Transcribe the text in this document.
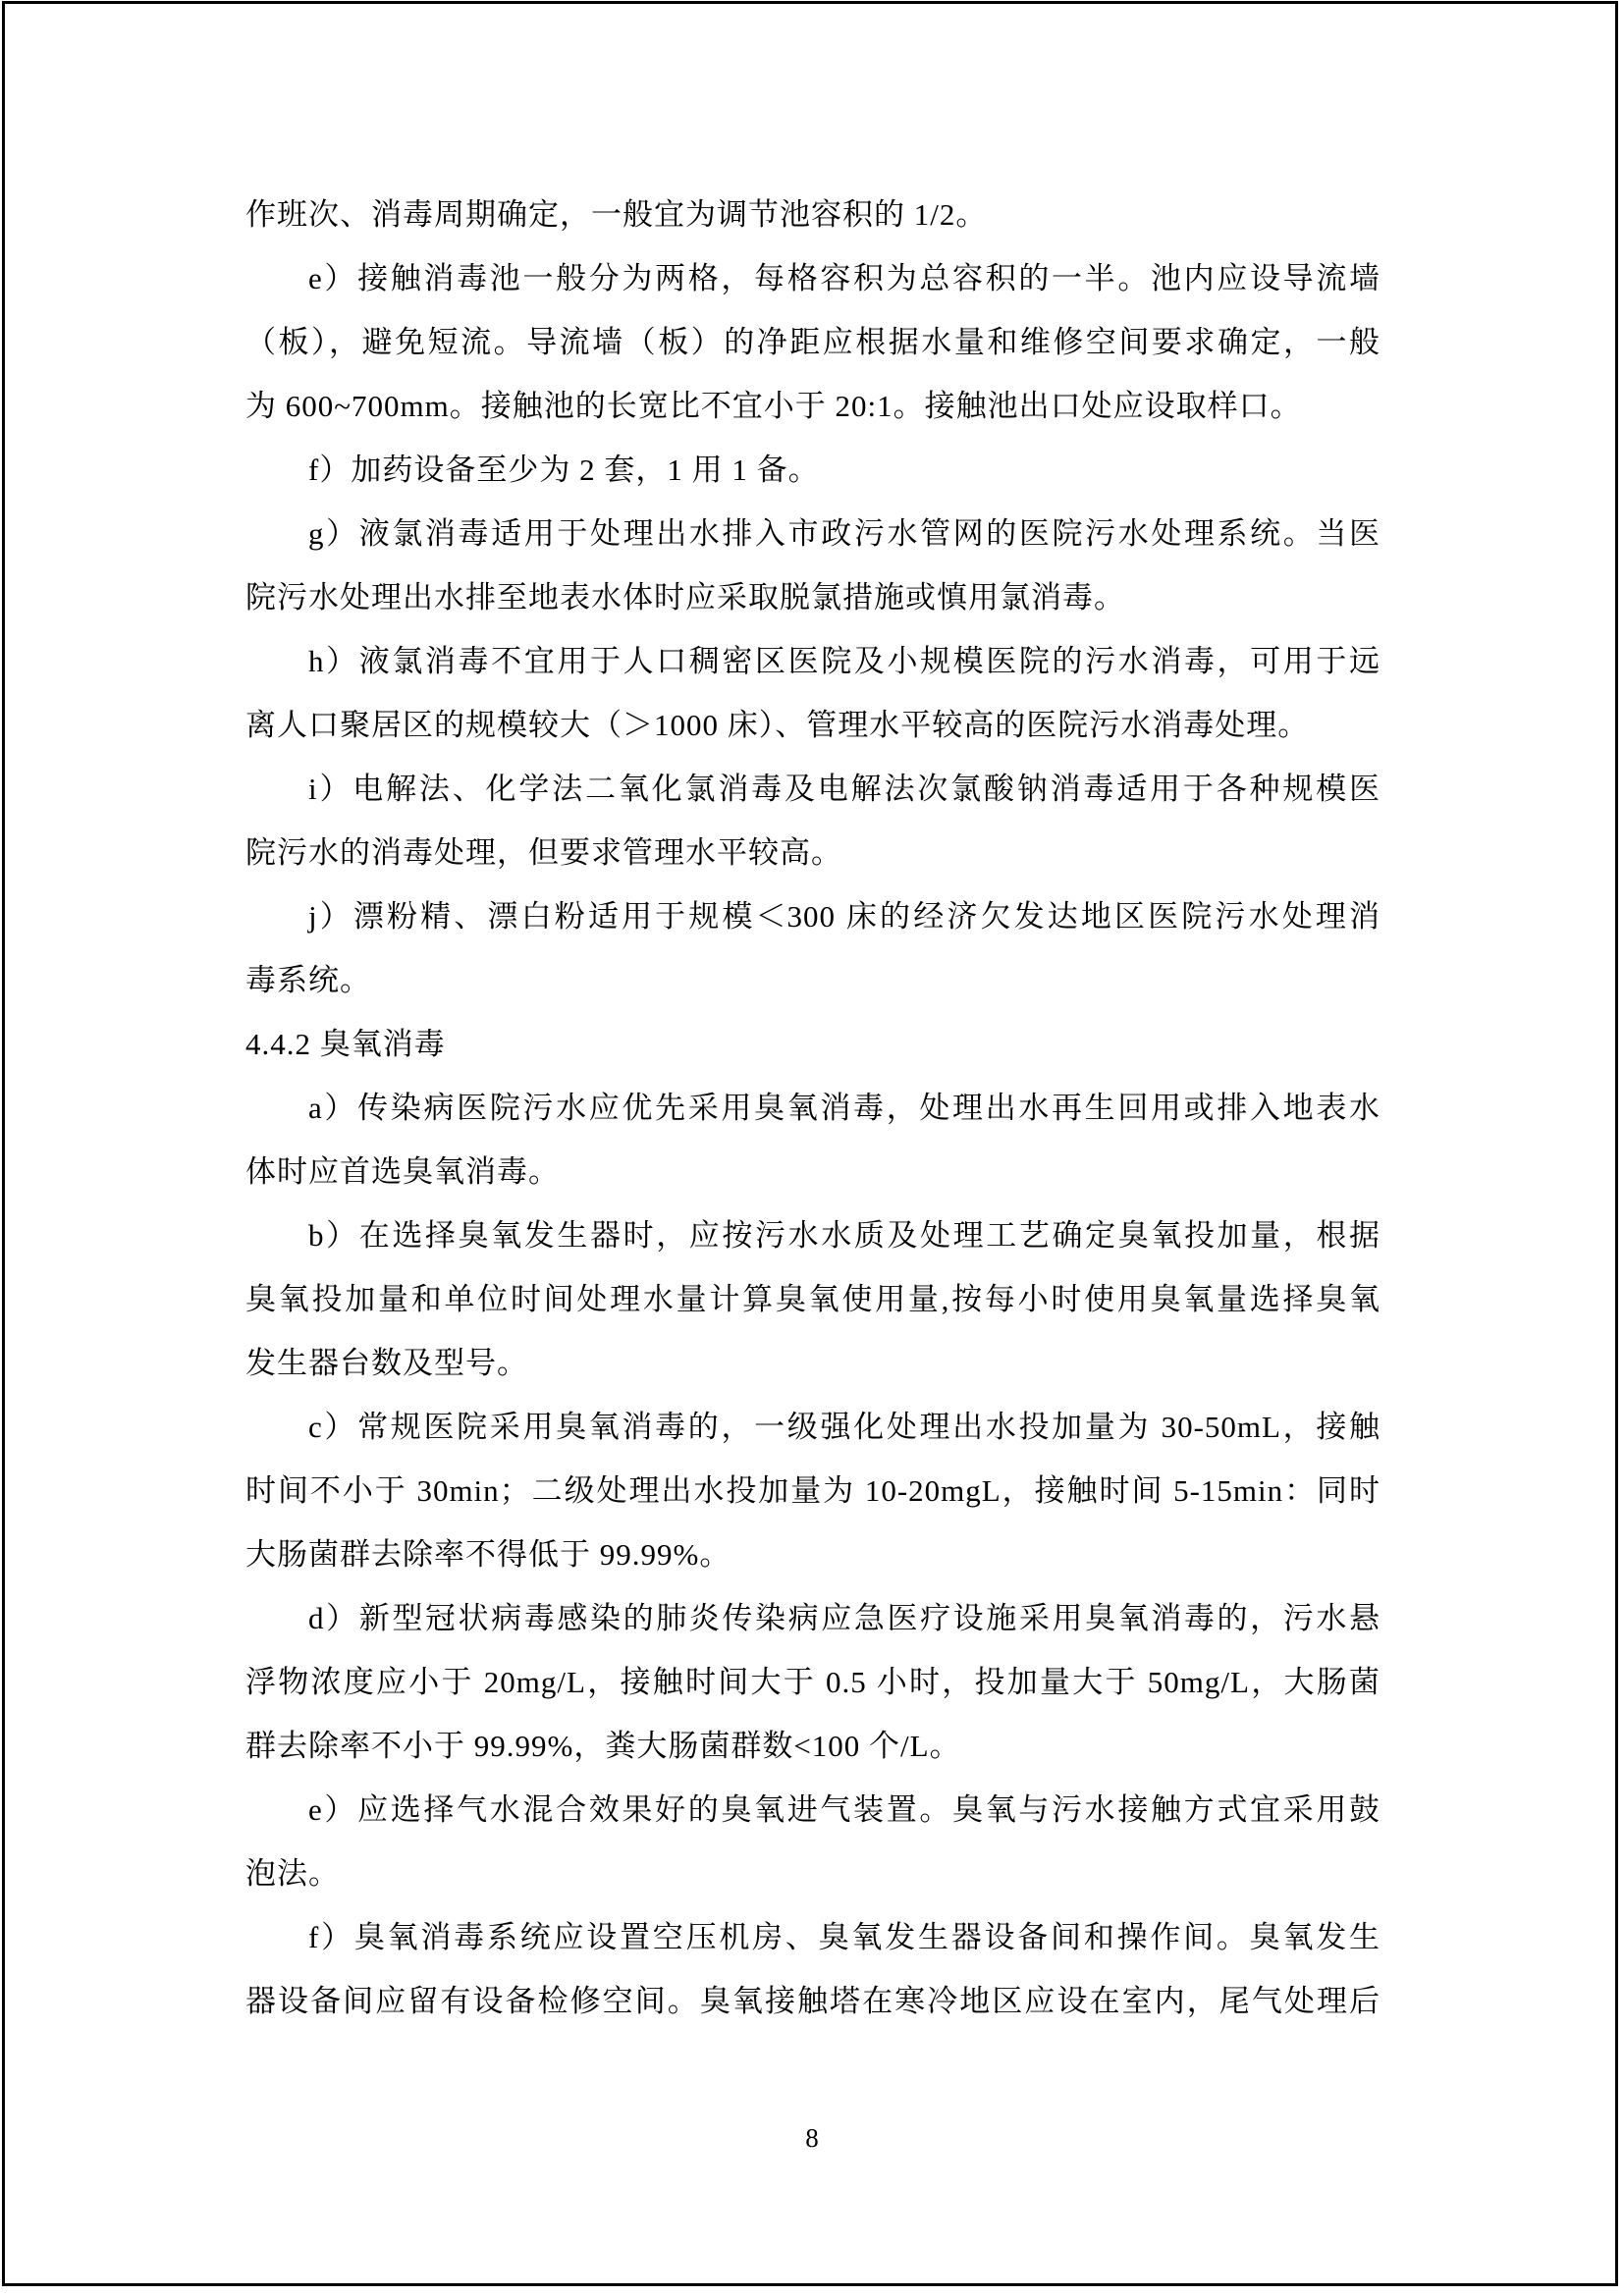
作班次、消毒周期确定，一般宜为调节池容积的 1/2。
e）接触消毒池一般分为两格，每格容积为总容积的一半。池内应设导流墙
（板），避免短流。导流墙（板）的净距应根据水量和维修空间要求确定，一般
为 600~700mm。接触池的长宽比不宜小于 20:1。接触池出口处应设取样口。
f）加药设备至少为 2 套，1 用 1 备。
g）液氯消毒适用于处理出水排入市政污水管网的医院污水处理系统。当医
院污水处理出水排至地表水体时应采取脱氯措施或慎用氯消毒。
h）液氯消毒不宜用于人口稠密区医院及小规模医院的污水消毒，可用于远
离人口聚居区的规模较大（＞1000 床）、管理水平较高的医院污水消毒处理。
i）电解法、化学法二氧化氯消毒及电解法次氯酸钠消毒适用于各种规模医
院污水的消毒处理，但要求管理水平较高。
j）漂粉精、漂白粉适用于规模＜300 床的经济欠发达地区医院污水处理消
毒系统。
4.4.2 臭氧消毒
a）传染病医院污水应优先采用臭氧消毒，处理出水再生回用或排入地表水
体时应首选臭氧消毒。
b）在选择臭氧发生器时，应按污水水质及处理工艺确定臭氧投加量，根据
臭氧投加量和单位时间处理水量计算臭氧使用量,按每小时使用臭氧量选择臭氧
发生器台数及型号。
c）常规医院采用臭氧消毒的，一级强化处理出水投加量为 30-50mL，接触
时间不小于 30min；二级处理出水投加量为 10-20mgL，接触时间 5-15min：同时
大肠菌群去除率不得低于 99.99%。
d）新型冠状病毒感染的肺炎传染病应急医疗设施采用臭氧消毒的，污水悬
浮物浓度应小于 20mg/L，接触时间大于 0.5 小时，投加量大于 50mg/L，大肠菌
群去除率不小于 99.99%，粪大肠菌群数<100 个/L。
e）应选择气水混合效果好的臭氧进气装置。臭氧与污水接触方式宜采用鼓
泡法。
f）臭氧消毒系统应设置空压机房、臭氧发生器设备间和操作间。臭氧发生
器设备间应留有设备检修空间。臭氧接触塔在寒冷地区应设在室内，尾气处理后
8
